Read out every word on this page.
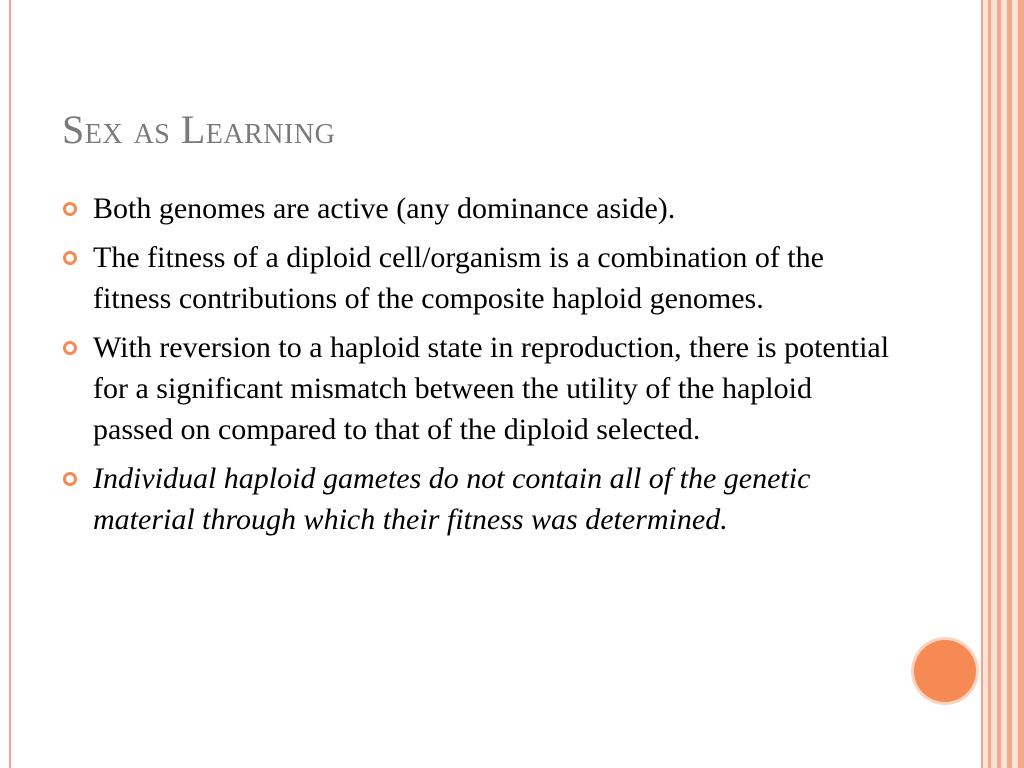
Sex as Learning
Both genomes are active (any dominance aside).
The fitness of a diploid cell/organism is a combination of the fitness contributions of the composite haploid genomes.
With reversion to a haploid state in reproduction, there is potential for a significant mismatch between the utility of the haploid passed on compared to that of the diploid selected.
Individual haploid gametes do not contain all of the genetic material through which their fitness was determined.
